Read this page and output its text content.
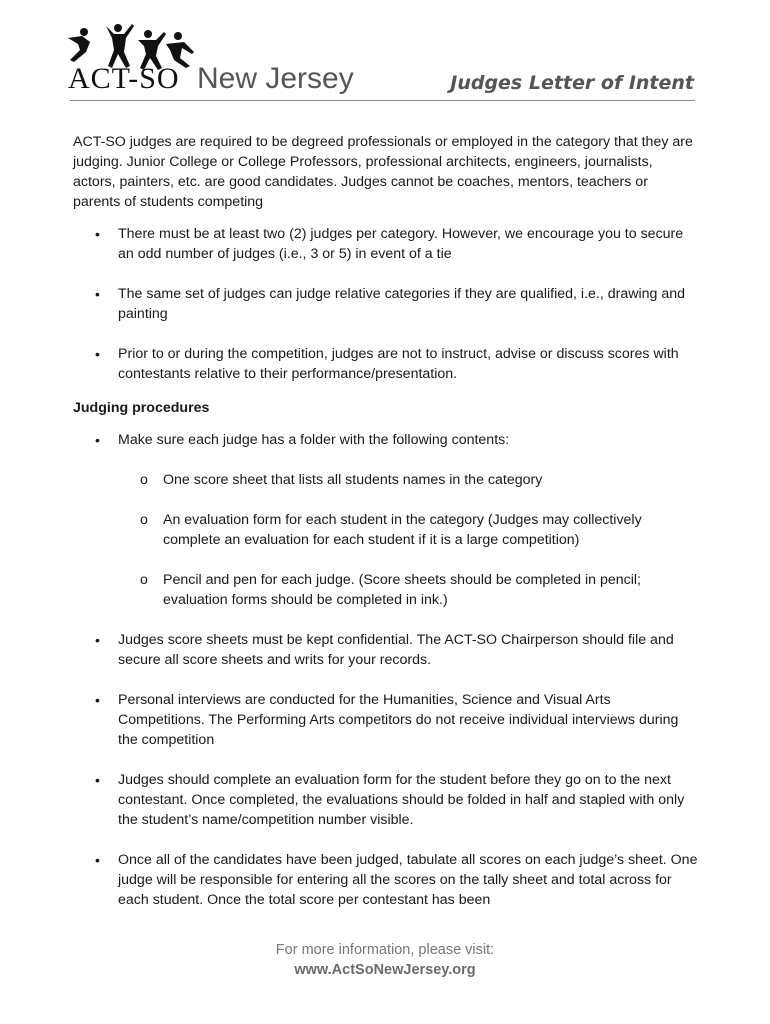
ACT-SO New Jersey	Judges Letter of Intent

ACT-SO judges are required to be degreed professionals or employed in the category that they are judging. Junior College or College Professors, professional architects, engineers, journalists, actors, painters, etc. are good candidates. Judges cannot be coaches, mentors, teachers or parents of students competing

• There must be at least two (2) judges per category. However, we encourage you to secure an odd number of judges (i.e., 3 or 5) in event of a tie
• The same set of judges can judge relative categories if they are qualified, i.e., drawing and painting
• Prior to or during the competition, judges are not to instruct, advise or discuss scores with contestants relative to their performance/presentation.
Judging procedures
• Make sure each judge has a folder with the following contents:
o One score sheet that lists all students names in the category
o An evaluation form for each student in the category (Judges may collectively complete an evaluation for each student if it is a large competition)
o Pencil and pen for each judge. (Score sheets should be completed in pencil; evaluation forms should be completed in ink.)
• Judges score sheets must be kept confidential. The ACT-SO Chairperson should file and secure all score sheets and writs for your records.
• Personal interviews are conducted for the Humanities, Science and Visual Arts Competitions. The Performing Arts competitors do not receive individual interviews during the competition
• Judges should complete an evaluation form for the student before they go on to the next contestant. Once completed, the evaluations should be folded in half and stapled with only the student’s name/competition number visible.
• Once all of the candidates have been judged, tabulate all scores on each judge’s sheet. One judge will be responsible for entering all the scores on the tally sheet and total across for each student. Once the total score per contestant has been
For more information, please visit:
www.ActSoNewJersey.org
